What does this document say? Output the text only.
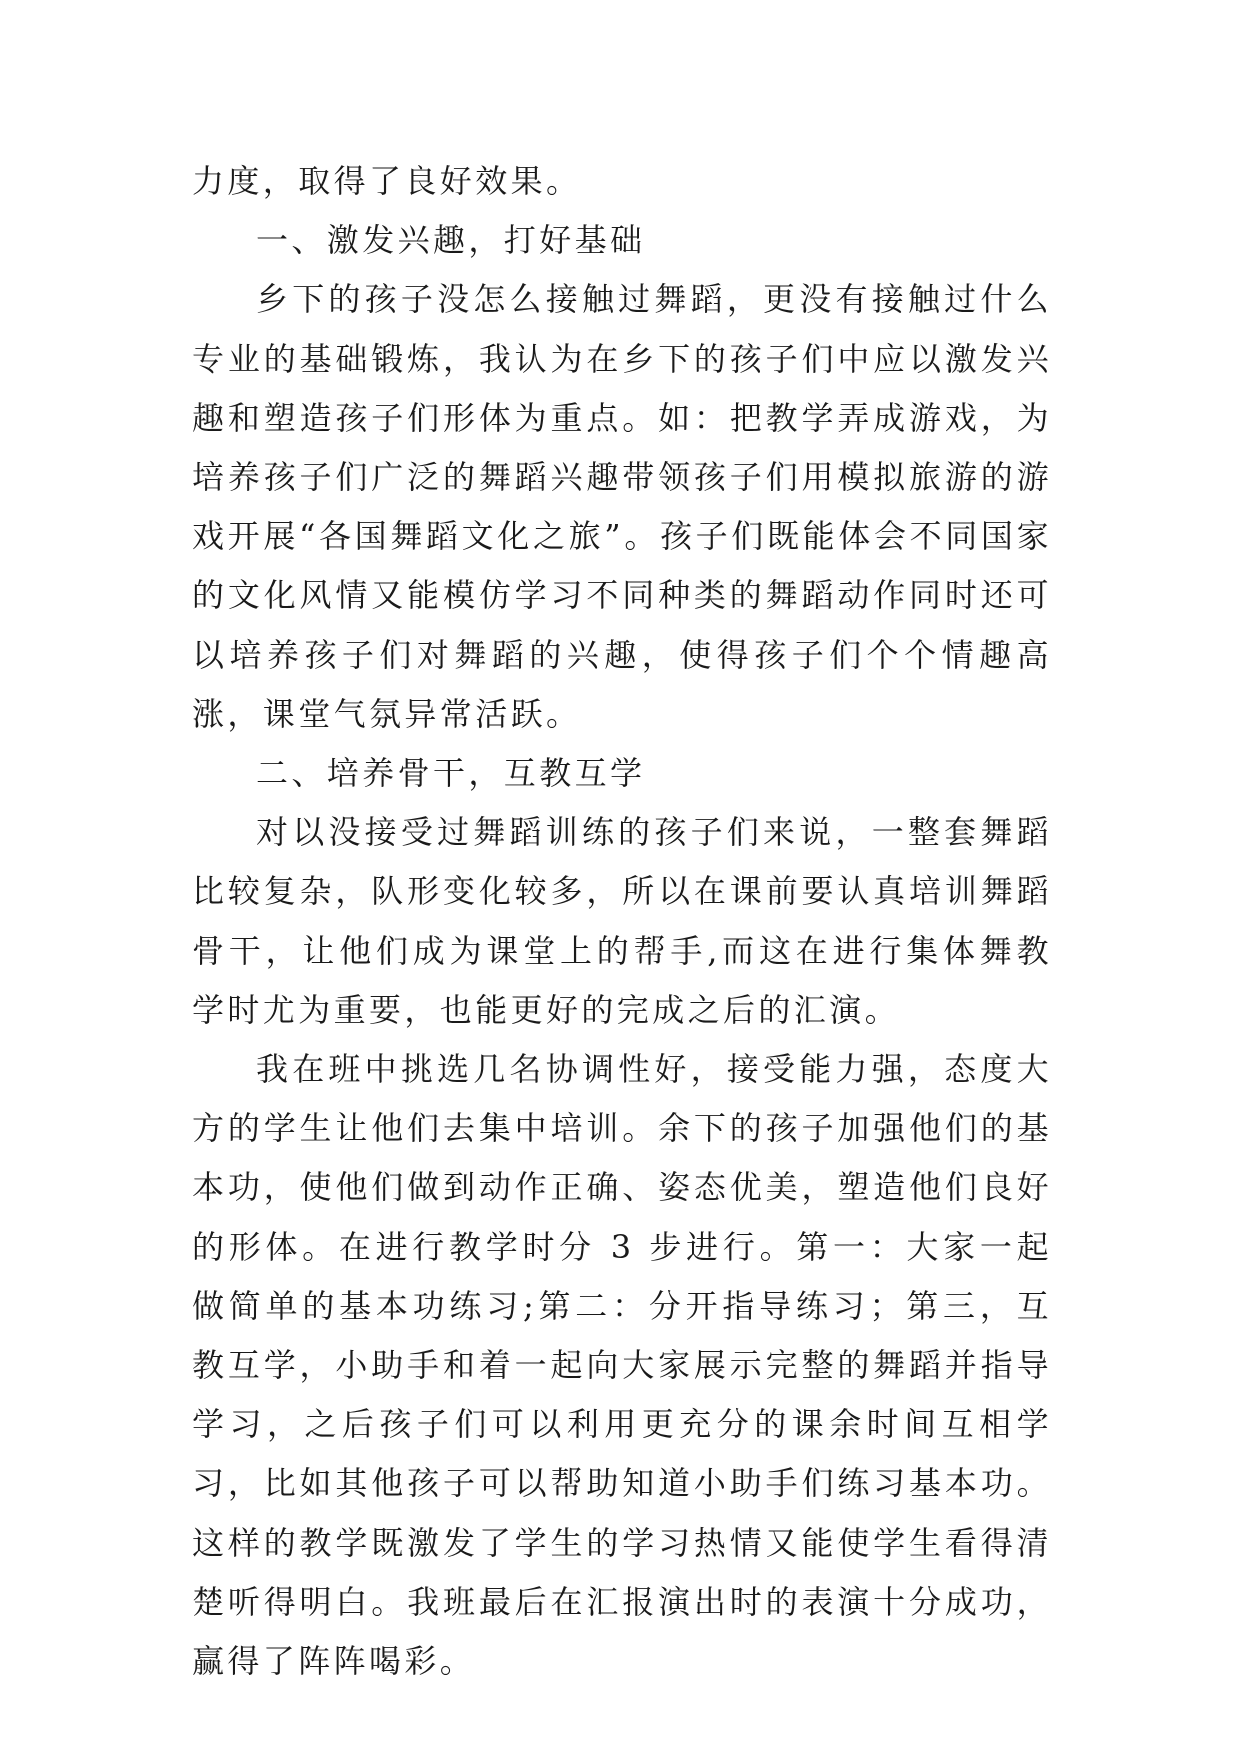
力度，取得了良好效果。

一、激发兴趣，打好基础

乡下的孩子没怎么接触过舞蹈，更没有接触过什么专业的基础锻炼，我认为在乡下的孩子们中应以激发兴趣和塑造孩子们形体为重点。如：把教学弄成游戏，为培养孩子们广泛的舞蹈兴趣带领孩子们用模拟旅游的游戏开展“各国舞蹈文化之旅”。孩子们既能体会不同国家的文化风情又能模仿学习不同种类的舞蹈动作同时还可以培养孩子们对舞蹈的兴趣，使得孩子们个个情趣高涨，课堂气氛异常活跃。

二、培养骨干，互教互学

对以没接受过舞蹈训练的孩子们来说，一整套舞蹈比较复杂，队形变化较多，所以在课前要认真培训舞蹈骨干，让他们成为课堂上的帮手,而这在进行集体舞教学时尤为重要，也能更好的完成之后的汇演。

我在班中挑选几名协调性好，接受能力强，态度大方的学生让他们去集中培训。余下的孩子加强他们的基本功，使他们做到动作正确、姿态优美，塑造他们良好的形体。在进行教学时分 3 步进行。第一：大家一起做简单的基本功练习;第二：分开指导练习；第三，互教互学，小助手和着一起向大家展示完整的舞蹈并指导学习，之后孩子们可以利用更充分的课余时间互相学习，比如其他孩子可以帮助知道小助手们练习基本功。这样的教学既激发了学生的学习热情又能使学生看得清楚听得明白。我班最后在汇报演出时的表演十分成功，赢得了阵阵喝彩。
